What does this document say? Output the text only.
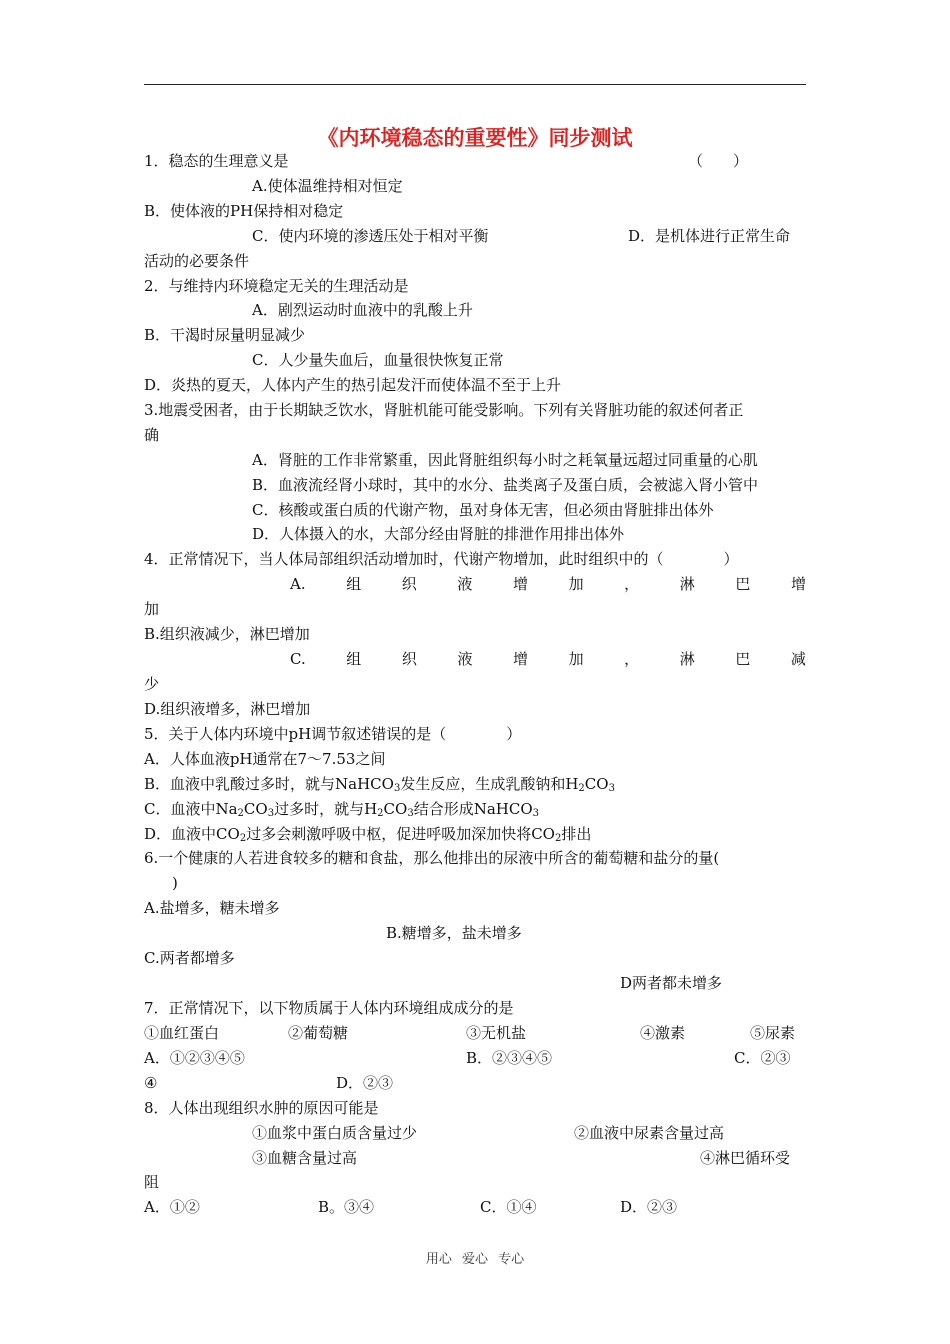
《内环境稳态的重要性》同步测试
1．稳态的生理意义是	（　　）
A.使体温维持相对恒定
B．使体液的PH保持相对稳定
C．使内环境的渗透压处于相对平衡	D．是机体进行正常生命
活动的必要条件
2．与维持内环境稳定无关的生理活动是
A．剧烈运动时血液中的乳酸上升
B．干渴时尿量明显减少
C．人少量失血后，血量很快恢复正常
D．炎热的夏天，人体内产生的热引起发汗而使体温不至于上升
3.地震受困者，由于长期缺乏饮水，肾脏机能可能受影响。下列有关肾脏功能的叙述何者正
确
A．肾脏的工作非常繁重，因此肾脏组织每小时之耗氧量远超过同重量的心肌
B．血液流经肾小球时，其中的水分、盐类离子及蛋白质，会被滤入肾小管中
C．核酸或蛋白质的代谢产物，虽对身体无害，但必须由肾脏排出体外
D．人体摄入的水，大部分经由肾脏的排泄作用排出体外
4．正常情况下，当人体局部组织活动增加时，代谢产物增加，此时组织中的（　　　　）
A.	组	织	液	增	加	，	淋	巴	增
加
B.组织液减少，淋巴增加
C.	组	织	液	增	加	，	淋	巴	减
少
D.组织液增多，淋巴增加
5．关于人体内环境中pH调节叙述错误的是（　　　　）
A．人体血液pH通常在7～7.53之间
B．血液中乳酸过多时，就与NaHCO$_3$发生反应，生成乳酸钠和$H_2CO_3$
C．血液中$Na_2CO_3$过多时，就与$H_2CO_3$结合形成NaHCO$_3$
D．血液中$CO_2$过多会刺激呼吸中枢，促进呼吸加深加快将$CO_2$排出
6.一个健康的人若进食较多的糖和食盐，那么他排出的尿液中所含的葡萄糖和盐分的量(
)
A.盐增多，糖未增多
B.糖增多，盐未增多
C.两者都增多
D两者都未增多
7．正常情况下，以下物质属于人体内环境组成成分的是
①血红蛋白	②葡萄糖	③无机盐	④激素	⑤尿素
A．①②③④⑤	B．②③④⑤	C．②③
④	D．②③
8．人体出现组织水肿的原因可能是
①血浆中蛋白质含量过少	②血液中尿素含量过高
③血糖含量过高	④淋巴循环受
阻
A．①②	B。③④	C．①④	D．②③
用心 爱心 专心
